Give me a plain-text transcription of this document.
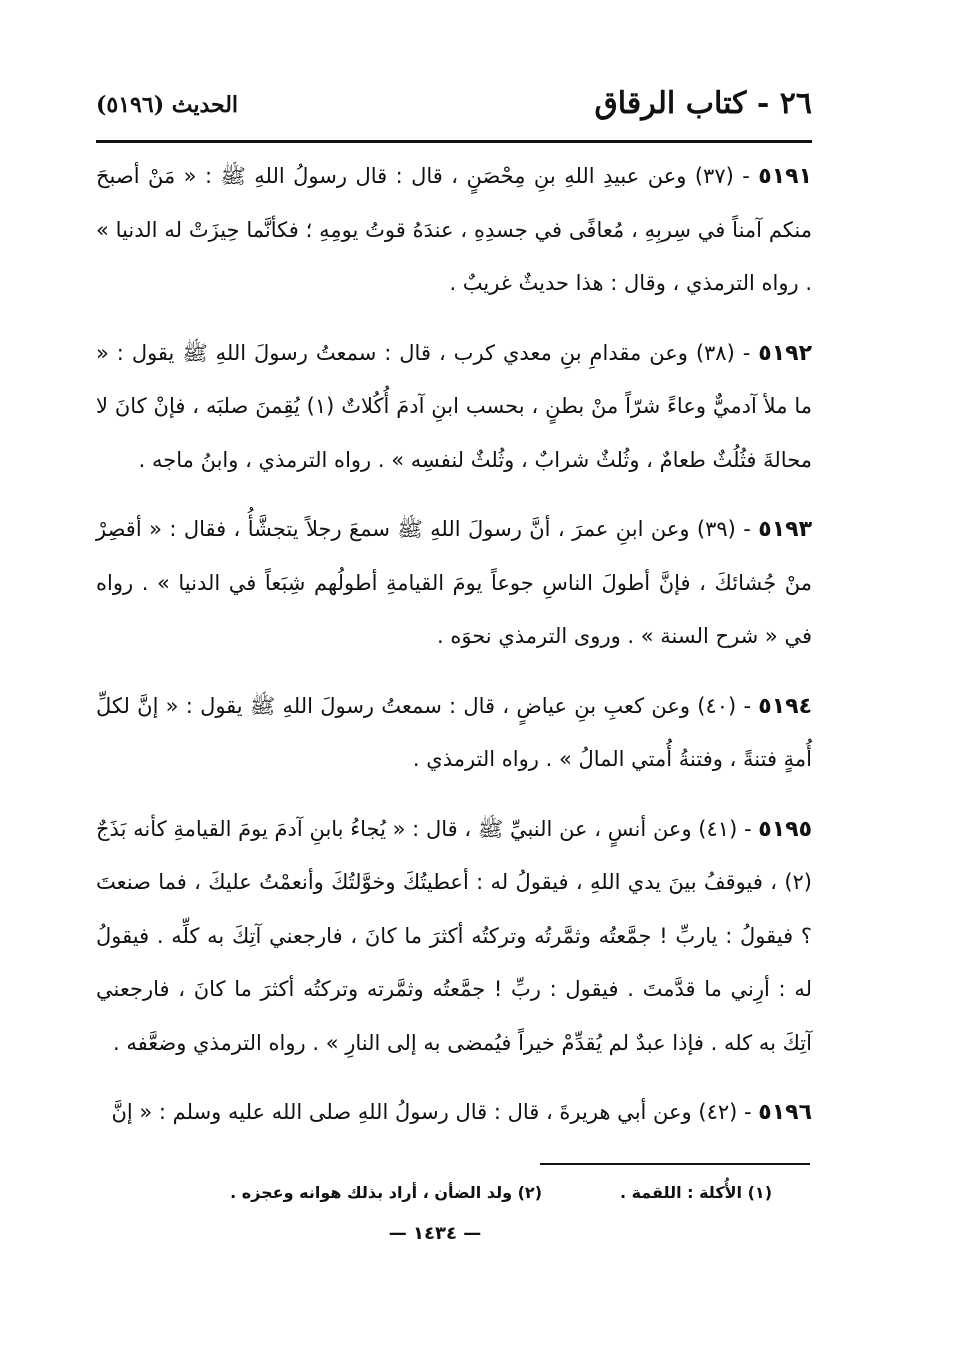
٢٦ - كتاب الرقاق
الحديث (٥١٩٦)

٥١٩١ - (٣٧) وعن عبيدِ اللهِ بنِ مِحْصَنٍ ، قال : قال رسولُ اللهِ ﷺ : « مَنْ أصبحَ منكم آمناً في سِربِهِ ، مُعافًى في جسدِهِ ، عندَهُ قوتُ يومِهِ ؛ فكأنَّما حِيزَتْ له الدنيا » . رواه الترمذي ، وقال : هذا حديثٌ غريبٌ .

٥١٩٢ - (٣٨) وعن مقدامِ بنِ معدي كرب ، قال : سمعتُ رسولَ اللهِ ﷺ يقول : « ما ملأ آدميٌّ وعاءً شرّاً منْ بطنٍ ، بحسب ابنِ آدمَ أُكُلاتٌ (١) يُقِمنَ صلبَه ، فإنْ كانَ لا محالةَ فثُلُثٌ طعامٌ ، وثُلثٌ شرابٌ ، وثُلثٌ لنفسِه » . رواه الترمذي ، وابنُ ماجه .

٥١٩٣ - (٣٩) وعن ابنِ عمرَ ، أنَّ رسولَ اللهِ ﷺ سمعَ رجلاً يتجشَّأُ ، فقال : « أقصِرْ منْ جُشائكَ ، فإنَّ أطولَ الناسِ جوعاً يومَ القيامةِ أطولُهم شِبَعاً في الدنيا » . رواه في « شرح السنة » . وروى الترمذي نحوَه .

٥١٩٤ - (٤٠) وعن كعبِ بنِ عياضٍ ، قال : سمعتُ رسولَ اللهِ ﷺ يقول : « إنَّ لكلِّ أُمةٍ فتنةً ، وفتنةُ أُمتي المالُ » . رواه الترمذي .

٥١٩٥ - (٤١) وعن أنسٍ ، عن النبيِّ ﷺ ، قال : « يُجاءُ بابنِ آدمَ يومَ القيامةِ كأنه بَذَجٌ (٢) ، فيوقفُ بينَ يدي اللهِ ، فيقولُ له : أعطيتُكَ وخوَّلتُكَ وأنعمْتُ عليكَ ، فما صنعتَ ؟ فيقولُ : ياربِّ ! جمَّعتُه وثمَّرتُه وتركتُه أكثرَ ما كانَ ، فارجعني آتِكَ به كلِّه . فيقولُ له : أرِني ما قدَّمتَ . فيقول : ربِّ ! جمَّعتُه وثمَّرته وتركتُه أكثرَ ما كانَ ، فارجعني آتِكَ به كله . فإذا عبدٌ لم يُقدِّمْ خيراً فيُمضى به إلى النارِ » . رواه الترمذي وضعَّفه .

٥١٩٦ - (٤٢) وعن أبي هريرةَ ، قال : قال رسولُ اللهِ صلى الله عليه وسلم : « إنَّ

(١) الأُكلة : اللقمة .
(٢) ولد الضأن ، أراد بذلك هوانه وعجزه .
— ١٤٣٤ —
